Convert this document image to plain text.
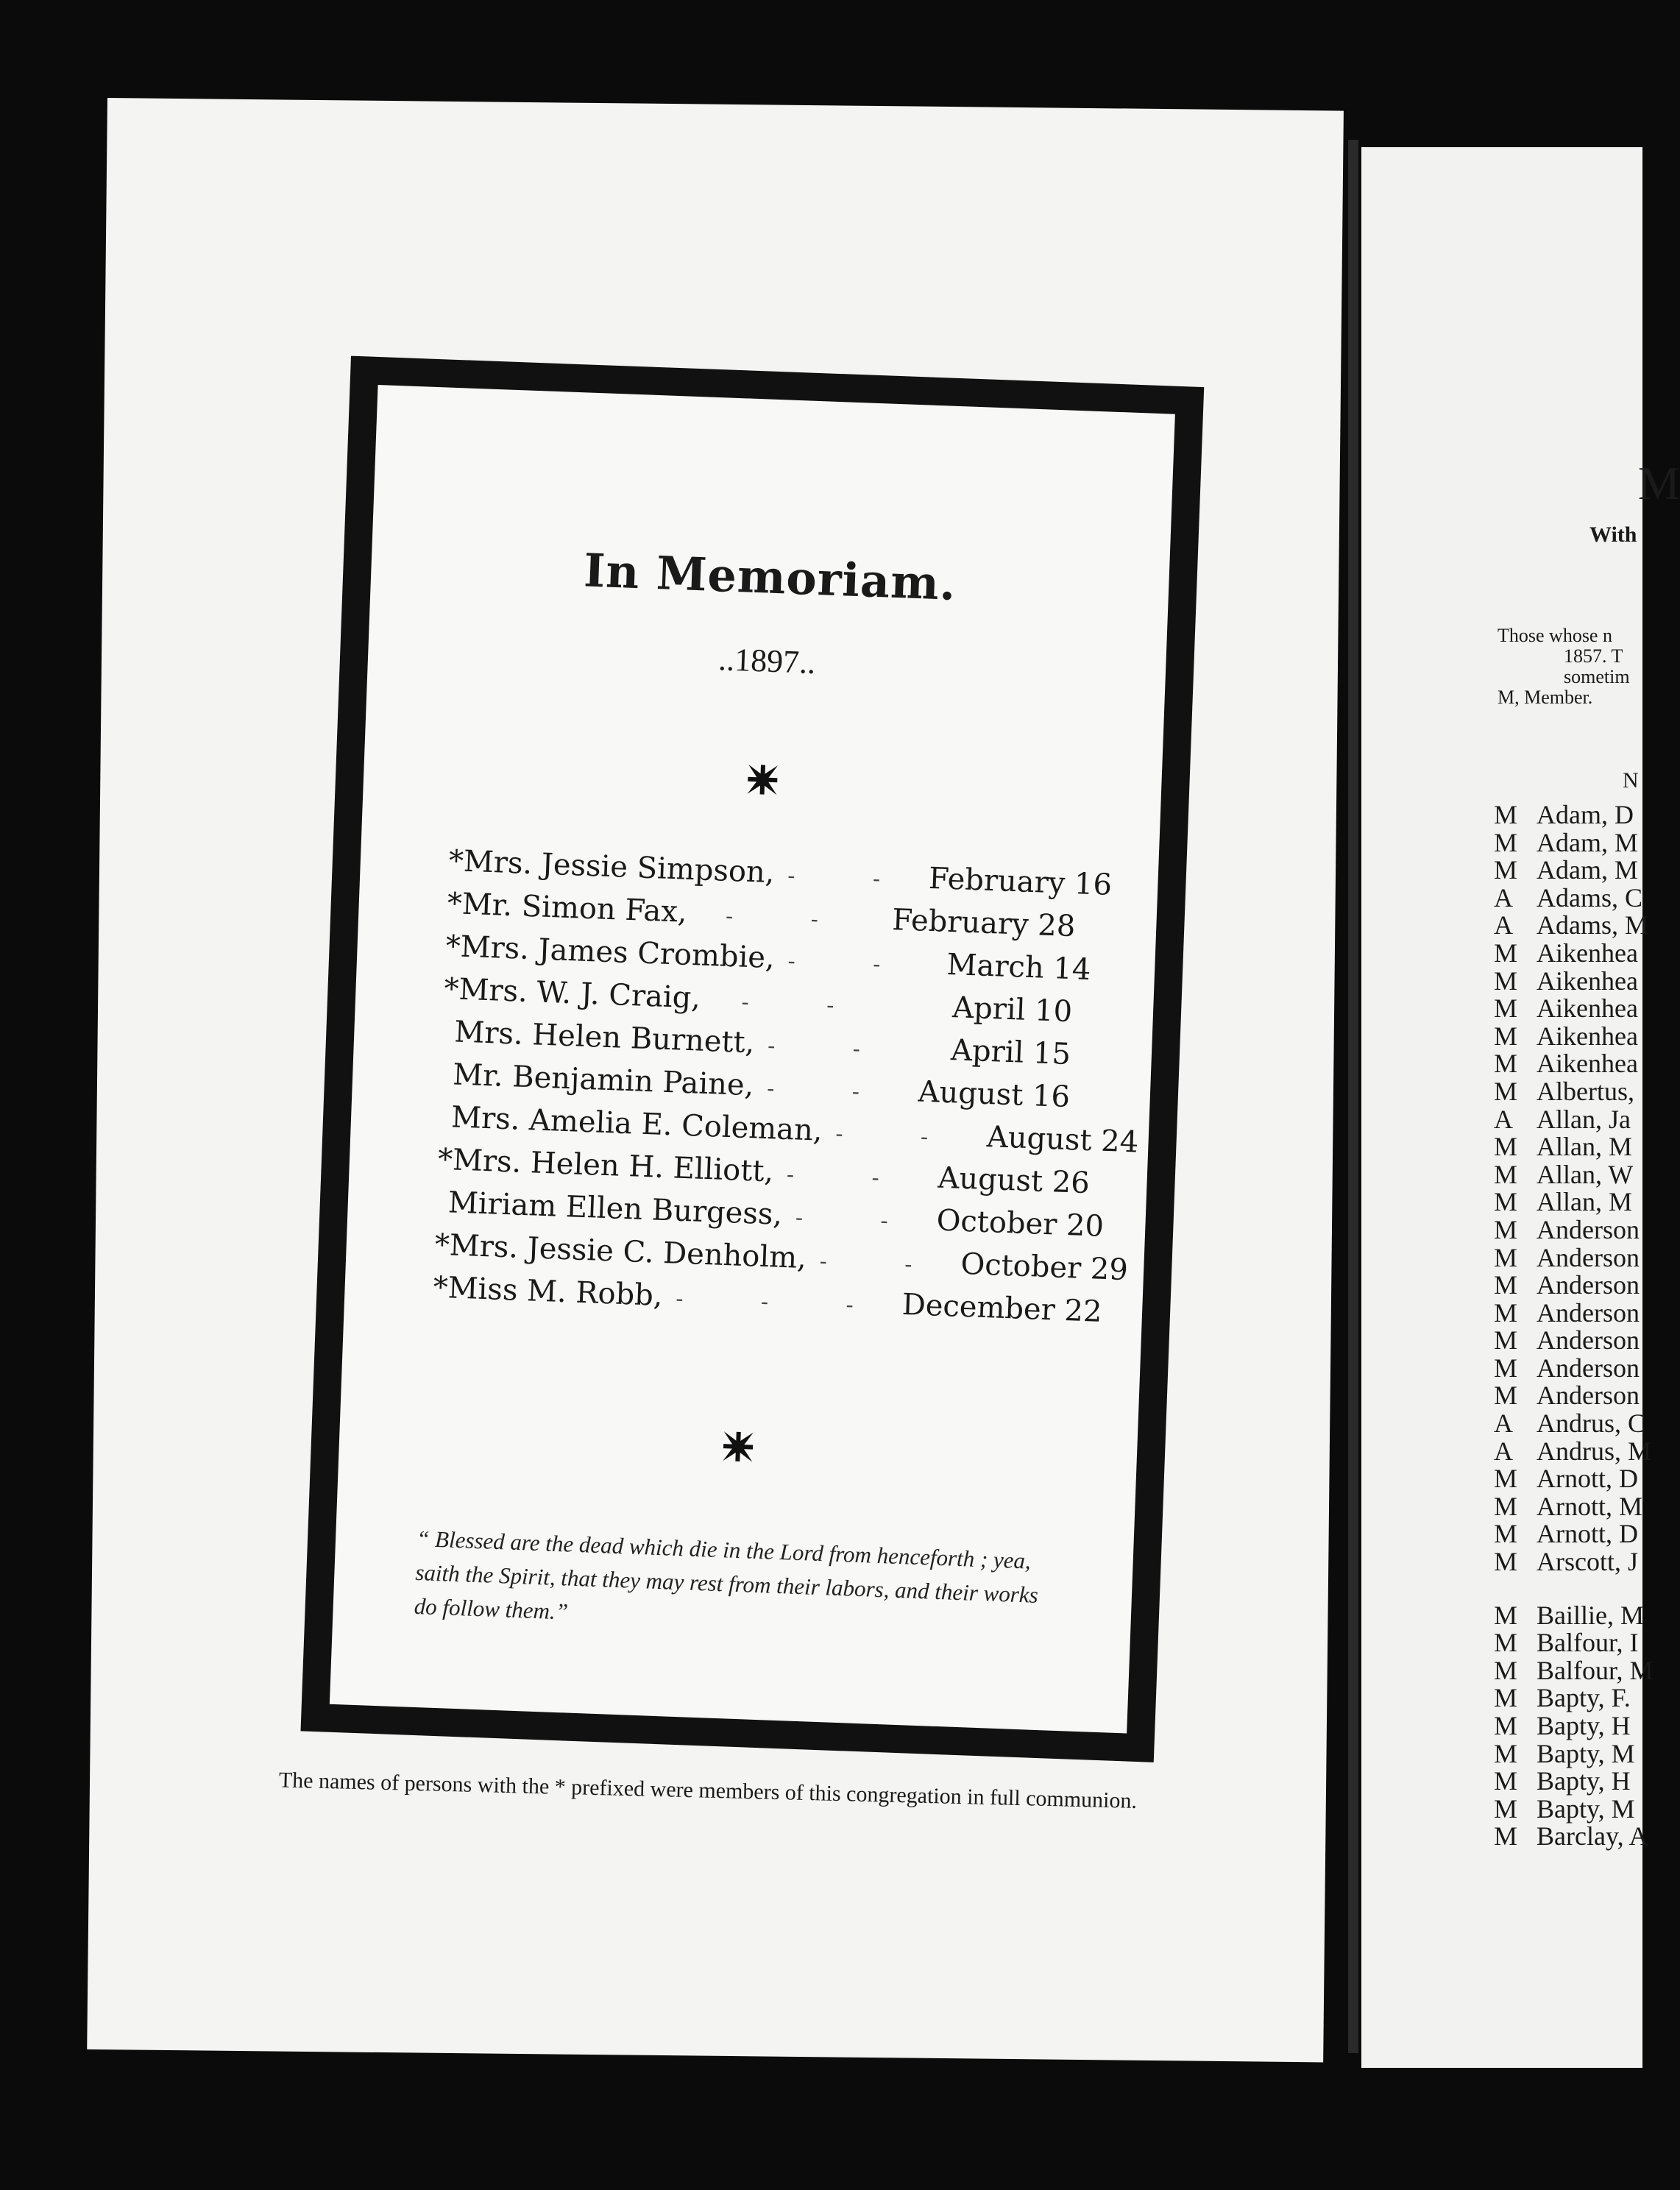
In Memoriam.
..1897..
*Mrs. Jessie Simpson, - - February 16
*Mr. Simon Fax,	- -	February 28
*Mrs. James Crombie, - -	March 14
*Mrs. W. J. Craig,	- -	April 10
Mrs. Helen Burnett, - -	April 15
Mr. Benjamin Paine, - - August 16
Mrs. Amelia E. Coleman, - - August 24
*Mrs. Helen H. Elliott, - - August 26
Miriam Ellen Burgess, - - October 20
*Mrs. Jessie C. Denholm, - - October 29
*Miss M. Robb, - - - December 22
“ Blessed are the dead which die in the Lord from henceforth ; yea, saith the Spirit, that they may rest from their labors, and their works do follow them.”
The names of persons with the * prefixed were members of this congregation in full communion.
M
With
Those whose n
1857. T
sometim
M, Member.
N
M Adam, D
M Adam, M
M Adam, M
A Adams, C
A Adams, M
M Aikenhea
M Aikenhea
M Aikenhea
M Aikenhea
M Aikenhea
M Albertus,
A Allan, Ja
M Allan, M
M Allan, W
M Allan, M
M Anderson
M Anderson
M Anderson
M Anderson
M Anderson
M Anderson
M Anderson
A Andrus, C
A Andrus, M
M Arnott, D
M Arnott, M
M Arnott, D
M Arscott, J
M Baillie, M
M Balfour, I
M Balfour, M
M Bapty, F.
M Bapty, H
M Bapty, M
M Bapty, H
M Bapty, M
M Barclay, A
